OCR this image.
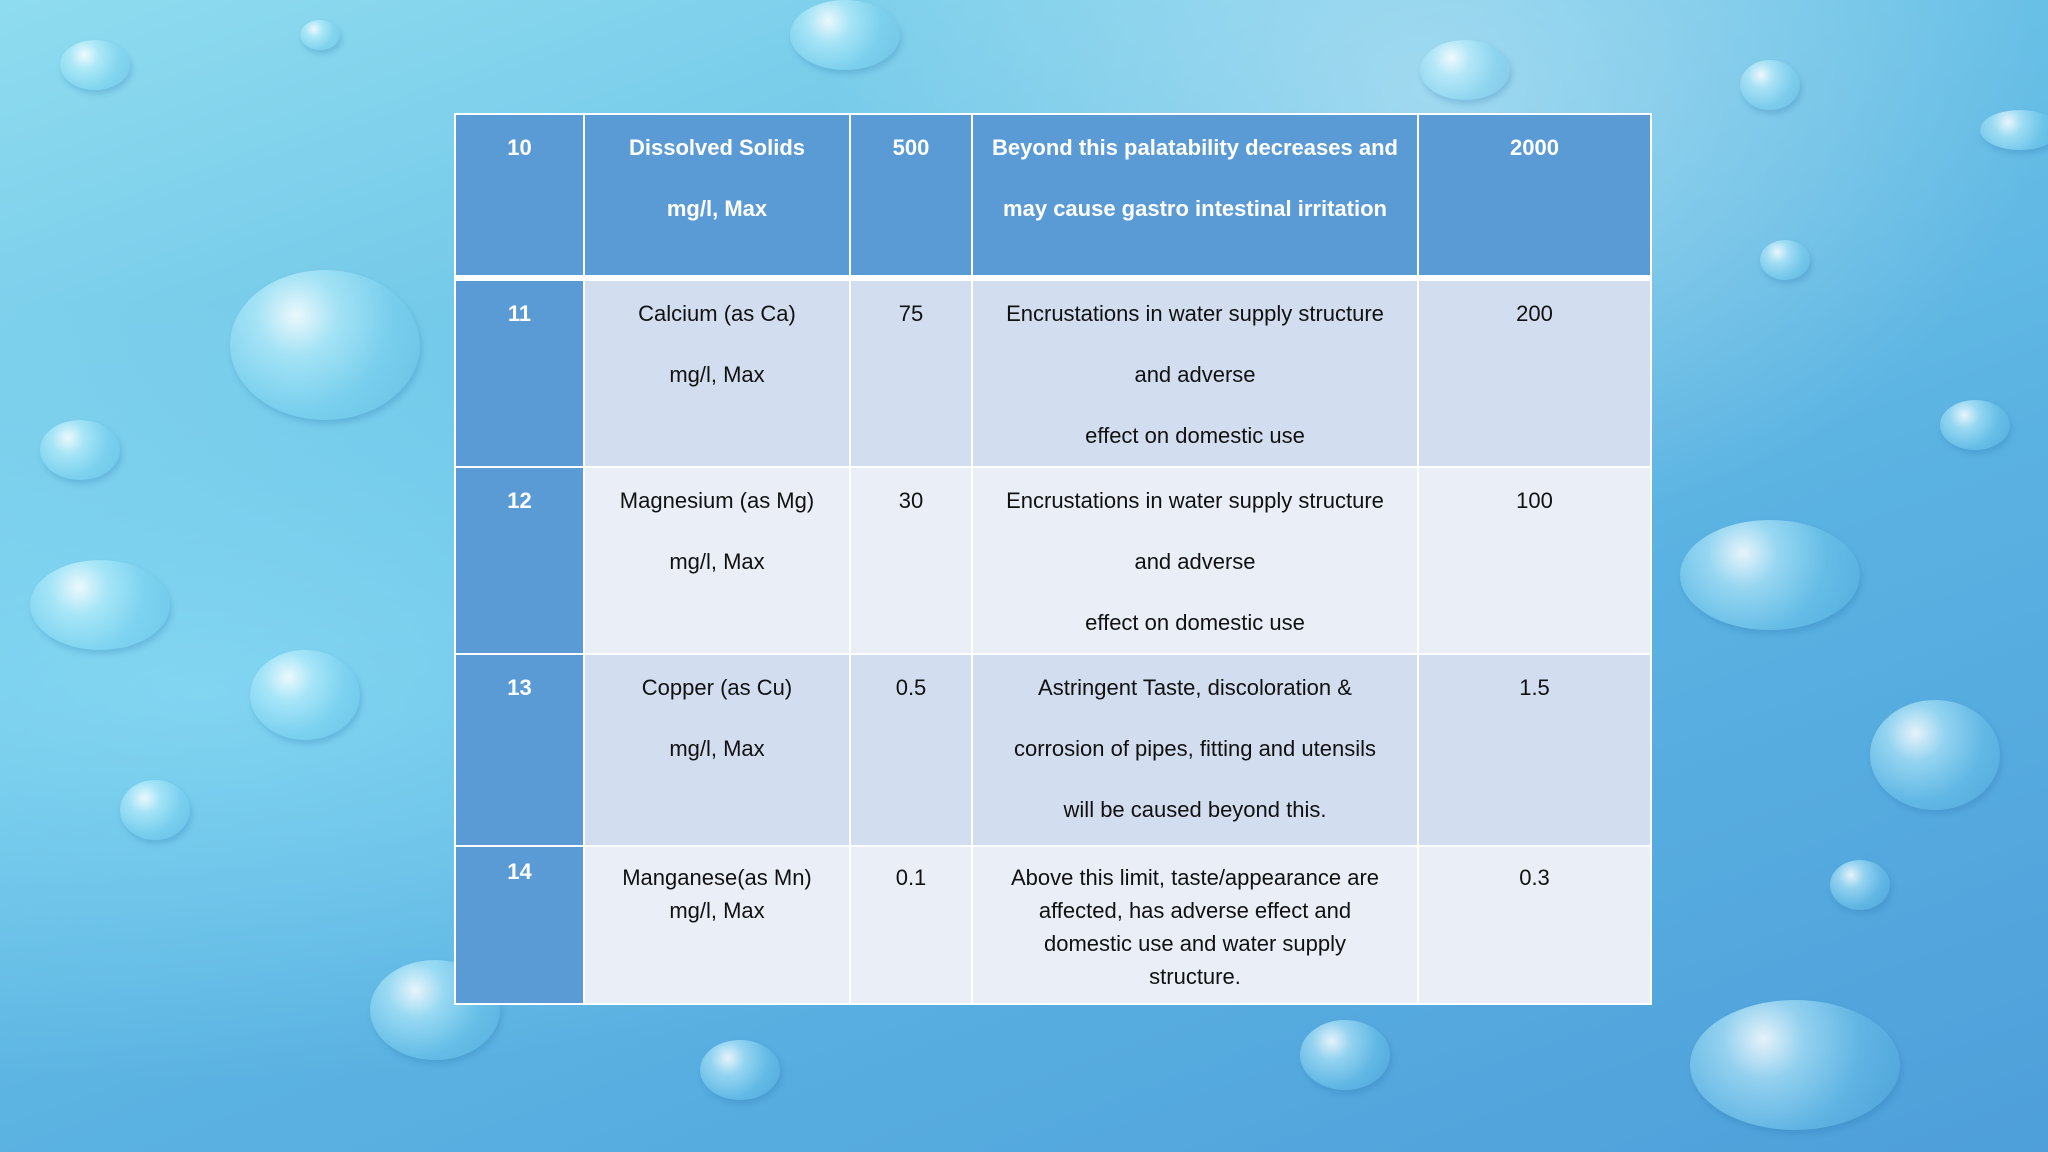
10	Dissolved Solids
mg/l, Max	500	Beyond this palatability decreases and
may cause gastro intestinal irritation	2000

11	Calcium (as Ca)
mg/l, Max	75	Encrustations in water supply structure
and adverse
effect on domestic use	200

12	Magnesium (as Mg)
mg/l, Max	30	Encrustations in water supply structure
and adverse
effect on domestic use	100

13	Copper (as Cu)
mg/l, Max	0.5	Astringent Taste, discoloration &
corrosion of pipes, fitting and utensils
will be caused beyond this.	1.5

14	Manganese(as Mn)
mg/l, Max	0.1	Above this limit, taste/appearance are
affected, has adverse effect and
domestic use and water supply
structure.	0.3
